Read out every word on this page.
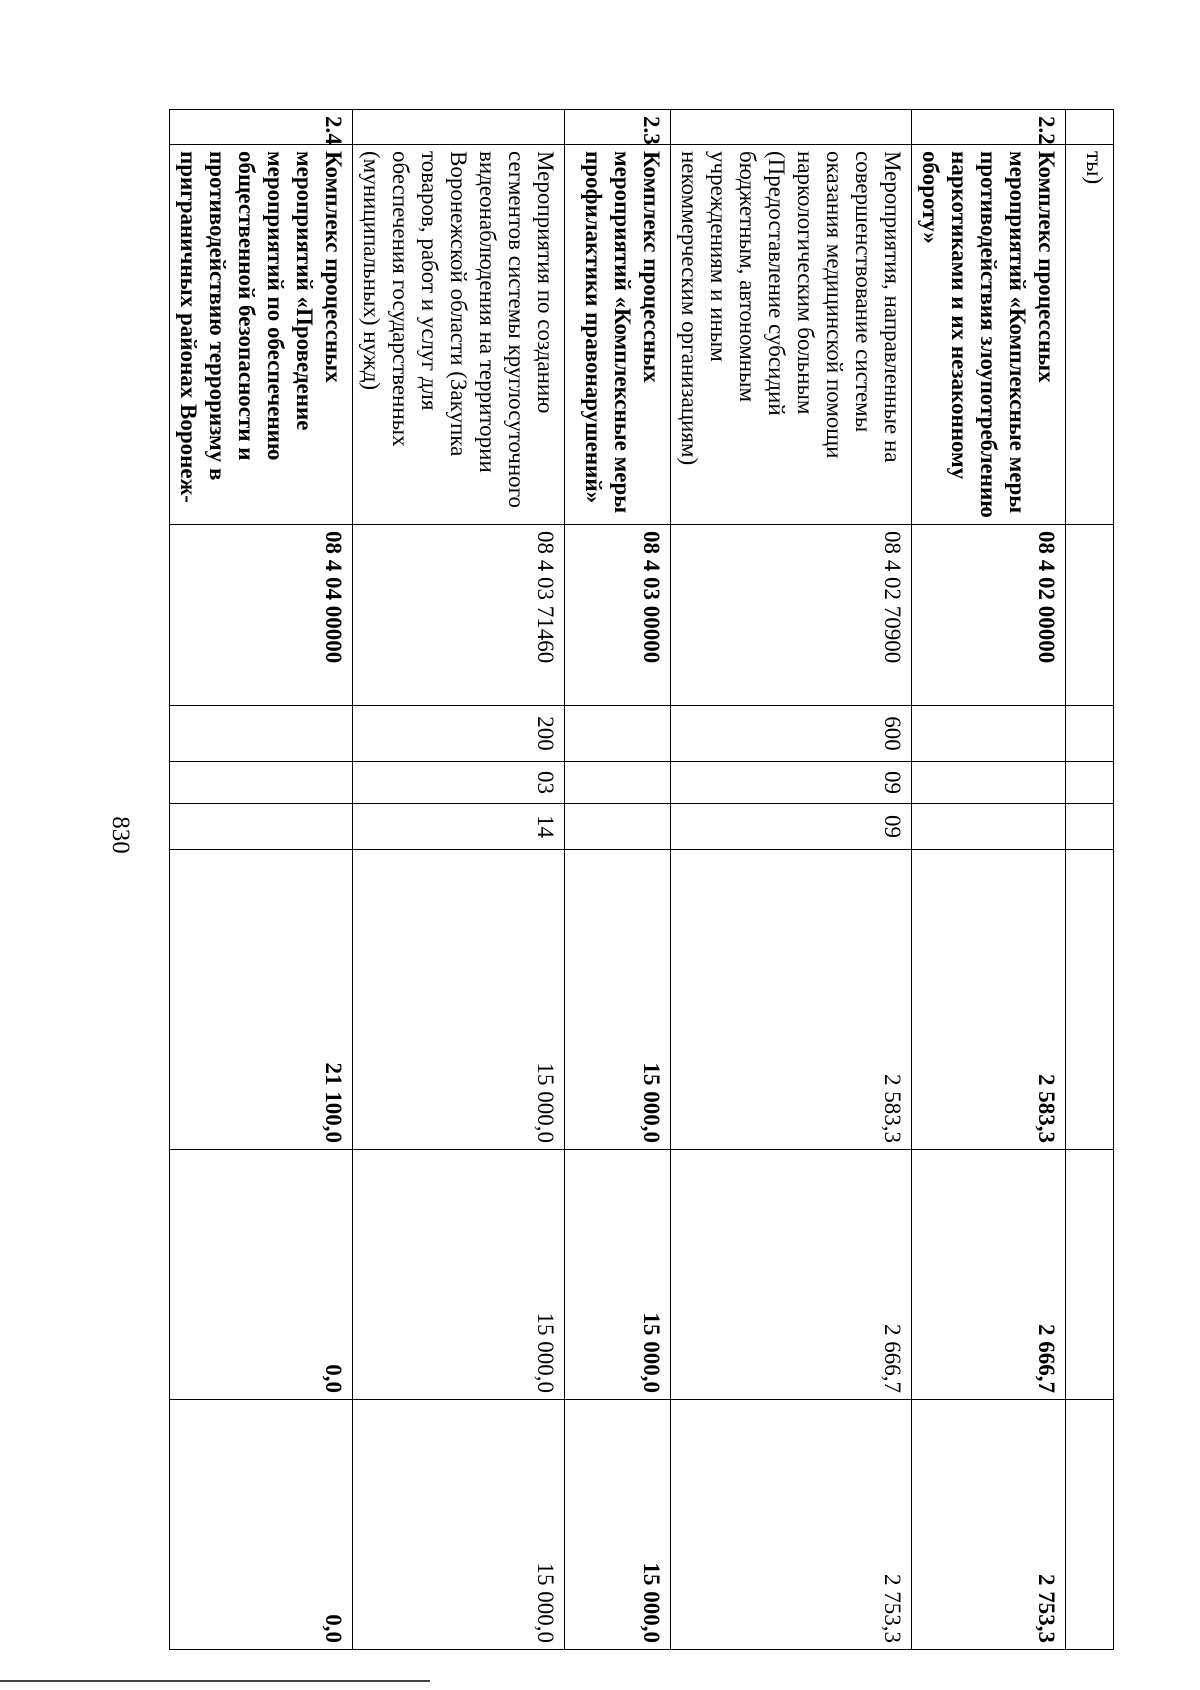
830
	ты)							
2.2	Комплекс процессных мероприятий «Комплексные меры противодействия злоупотреблению наркотиками и их незаконному обороту»	08 4 02 00000				2 583,3	2 666,7	2 753,3
	Мероприятия, направленные на совершенствование системы оказания медицинской помощи наркологическим больным (Предоставление субсидий бюджетным, автономным учреждениям и иным некоммерческим организациям)	08 4 02 70900	600	09	09	2 583,3	2 666,7	2 753,3
2.3	Комплекс процессных мероприятий «Комплексные меры профилактики правонарушений»	08 4 03 00000				15 000,0	15 000,0	15 000,0
	Мероприятия по созданию сегментов системы круглосуточного видеонаблюдения на территории Воронежской области (Закупка товаров, работ и услуг для обеспечения государственных (муниципальных) нужд)	08 4 03 71460	200	03	14	15 000,0	15 000,0	15 000,0
2.4	Комплекс процессных мероприятий «Проведение мероприятий по обеспечению общественной безопасности и противодействию терроризму в приграничных районах Воронеж-	08 4 04 00000				21 100,0	0,0	0,0
